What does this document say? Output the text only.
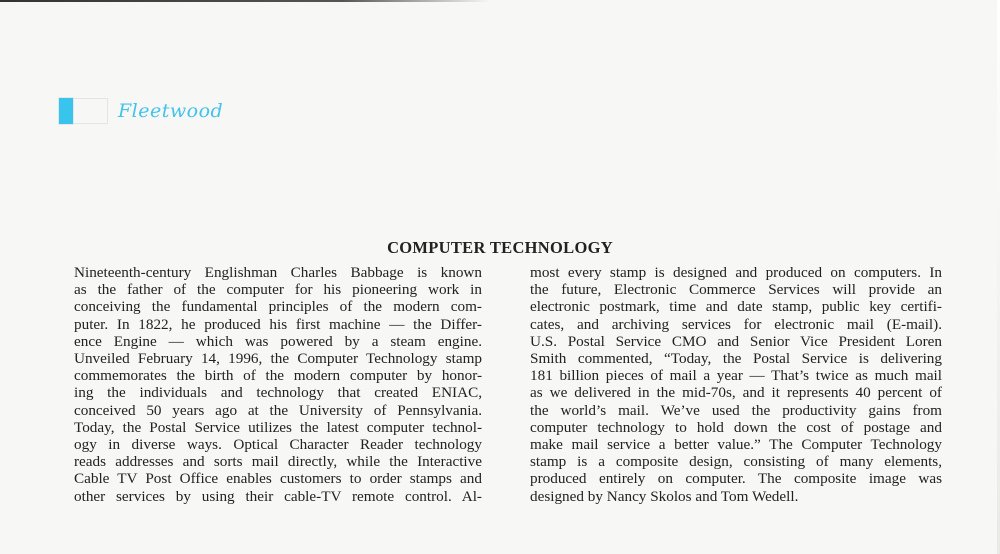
Fleetwood
COMPUTER TECHNOLOGY
Nineteenth-century Englishman Charles Babbage is known
as the father of the computer for his pioneering work in
conceiving the fundamental principles of the modern com-
puter. In 1822, he produced his first machine — the Differ-
ence Engine — which was powered by a steam engine.
Unveiled February 14, 1996, the Computer Technology stamp
commemorates the birth of the modern computer by honor-
ing the individuals and technology that created ENIAC,
conceived 50 years ago at the University of Pennsylvania.
Today, the Postal Service utilizes the latest computer technol-
ogy in diverse ways. Optical Character Reader technology
reads addresses and sorts mail directly, while the Interactive
Cable TV Post Office enables customers to order stamps and
other services by using their cable-TV remote control. Al-
most every stamp is designed and produced on computers. In
the future, Electronic Commerce Services will provide an
electronic postmark, time and date stamp, public key certifi-
cates, and archiving services for electronic mail (E-mail).
U.S. Postal Service CMO and Senior Vice President Loren
Smith commented, “Today, the Postal Service is delivering
181 billion pieces of mail a year — That’s twice as much mail
as we delivered in the mid-70s, and it represents 40 percent of
the world’s mail. We’ve used the productivity gains from
computer technology to hold down the cost of postage and
make mail service a better value.” The Computer Technology
stamp is a composite design, consisting of many elements,
produced entirely on computer. The composite image was
designed by Nancy Skolos and Tom Wedell.
